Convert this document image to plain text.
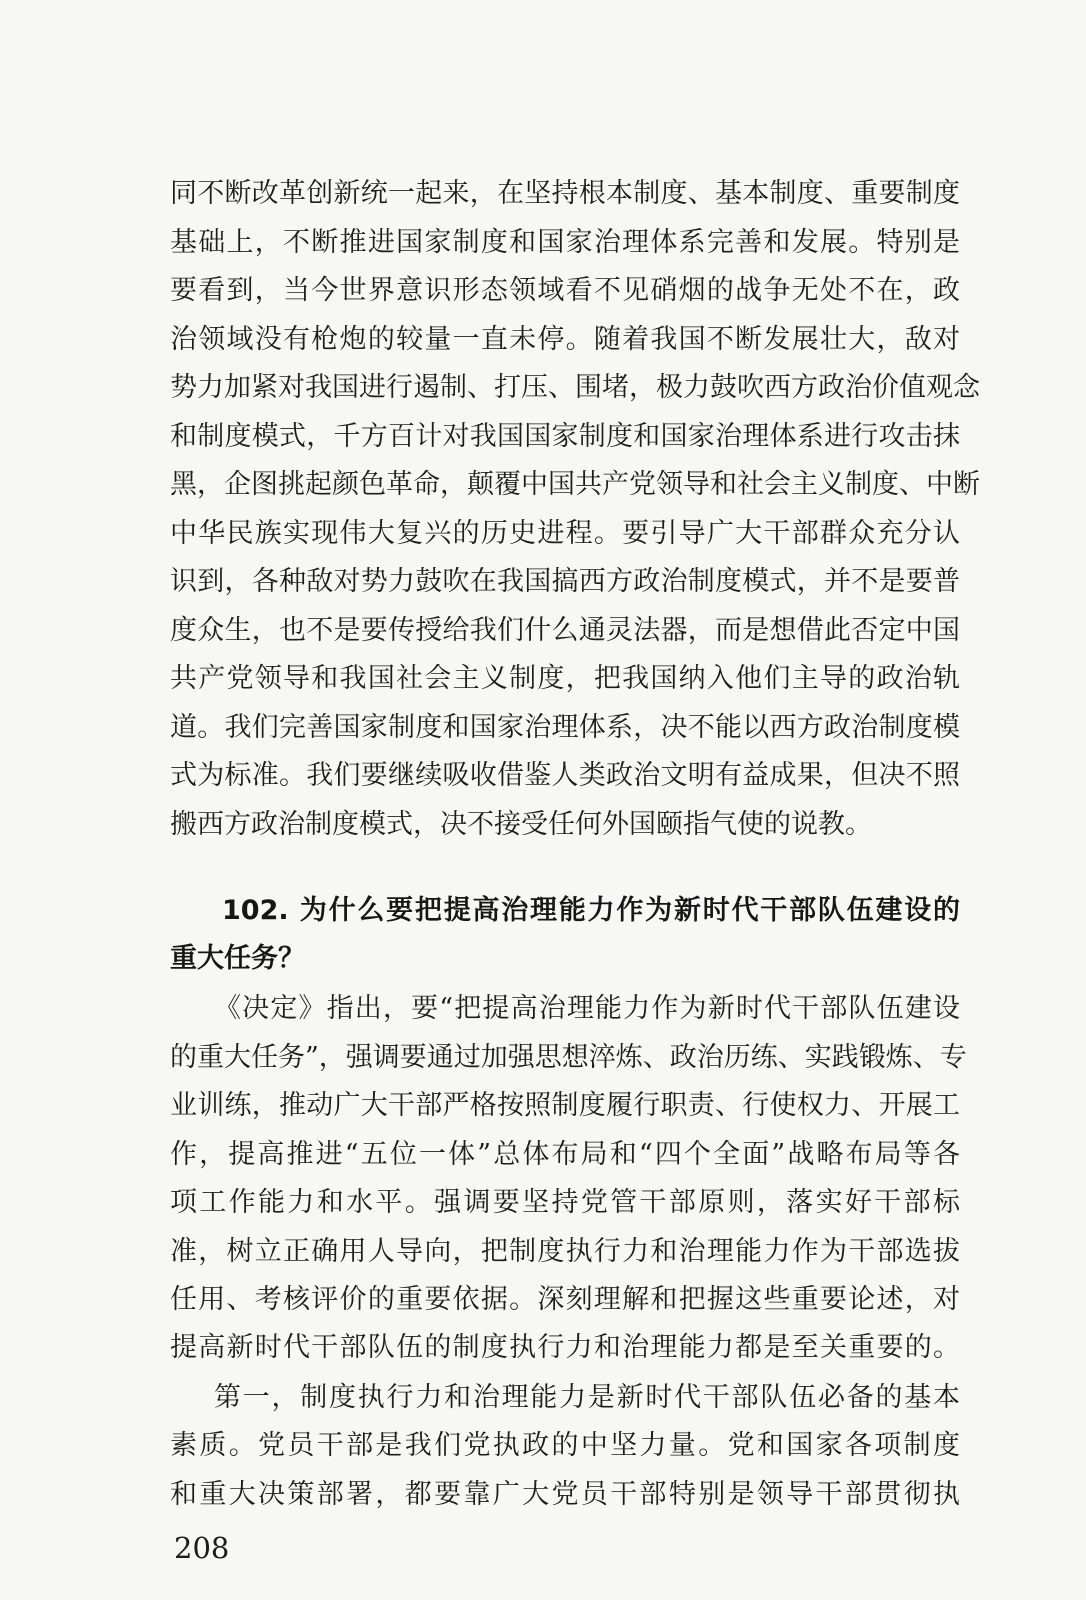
同不断改革创新统一起来，在坚持根本制度、基本制度、重要制度
基础上，不断推进国家制度和国家治理体系完善和发展。特别是
要看到，当今世界意识形态领域看不见硝烟的战争无处不在，政
治领域没有枪炮的较量一直未停。随着我国不断发展壮大，敌对
势力加紧对我国进行遏制、打压、围堵，极力鼓吹西方政治价值观念
和制度模式，千方百计对我国国家制度和国家治理体系进行攻击抹
黑，企图挑起颜色革命，颠覆中国共产党领导和社会主义制度、中断
中华民族实现伟大复兴的历史进程。要引导广大干部群众充分认
识到，各种敌对势力鼓吹在我国搞西方政治制度模式，并不是要普
度众生，也不是要传授给我们什么通灵法器，而是想借此否定中国
共产党领导和我国社会主义制度，把我国纳入他们主导的政治轨
道。我们完善国家制度和国家治理体系，决不能以西方政治制度模
式为标准。我们要继续吸收借鉴人类政治文明有益成果，但决不照
搬西方政治制度模式，决不接受任何外国颐指气使的说教。
102. 为什么要把提高治理能力作为新时代干部队伍建设的
重大任务？
《决定》指出，要“把提高治理能力作为新时代干部队伍建设
的重大任务”，强调要通过加强思想淬炼、政治历练、实践锻炼、专
业训练，推动广大干部严格按照制度履行职责、行使权力、开展工
作，提高推进“五位一体”总体布局和“四个全面”战略布局等各
项工作能力和水平。强调要坚持党管干部原则，落实好干部标
准，树立正确用人导向，把制度执行力和治理能力作为干部选拔
任用、考核评价的重要依据。深刻理解和把握这些重要论述，对
提高新时代干部队伍的制度执行力和治理能力都是至关重要的。
第一，制度执行力和治理能力是新时代干部队伍必备的基本
素质。党员干部是我们党执政的中坚力量。党和国家各项制度
和重大决策部署，都要靠广大党员干部特别是领导干部贯彻执
208
